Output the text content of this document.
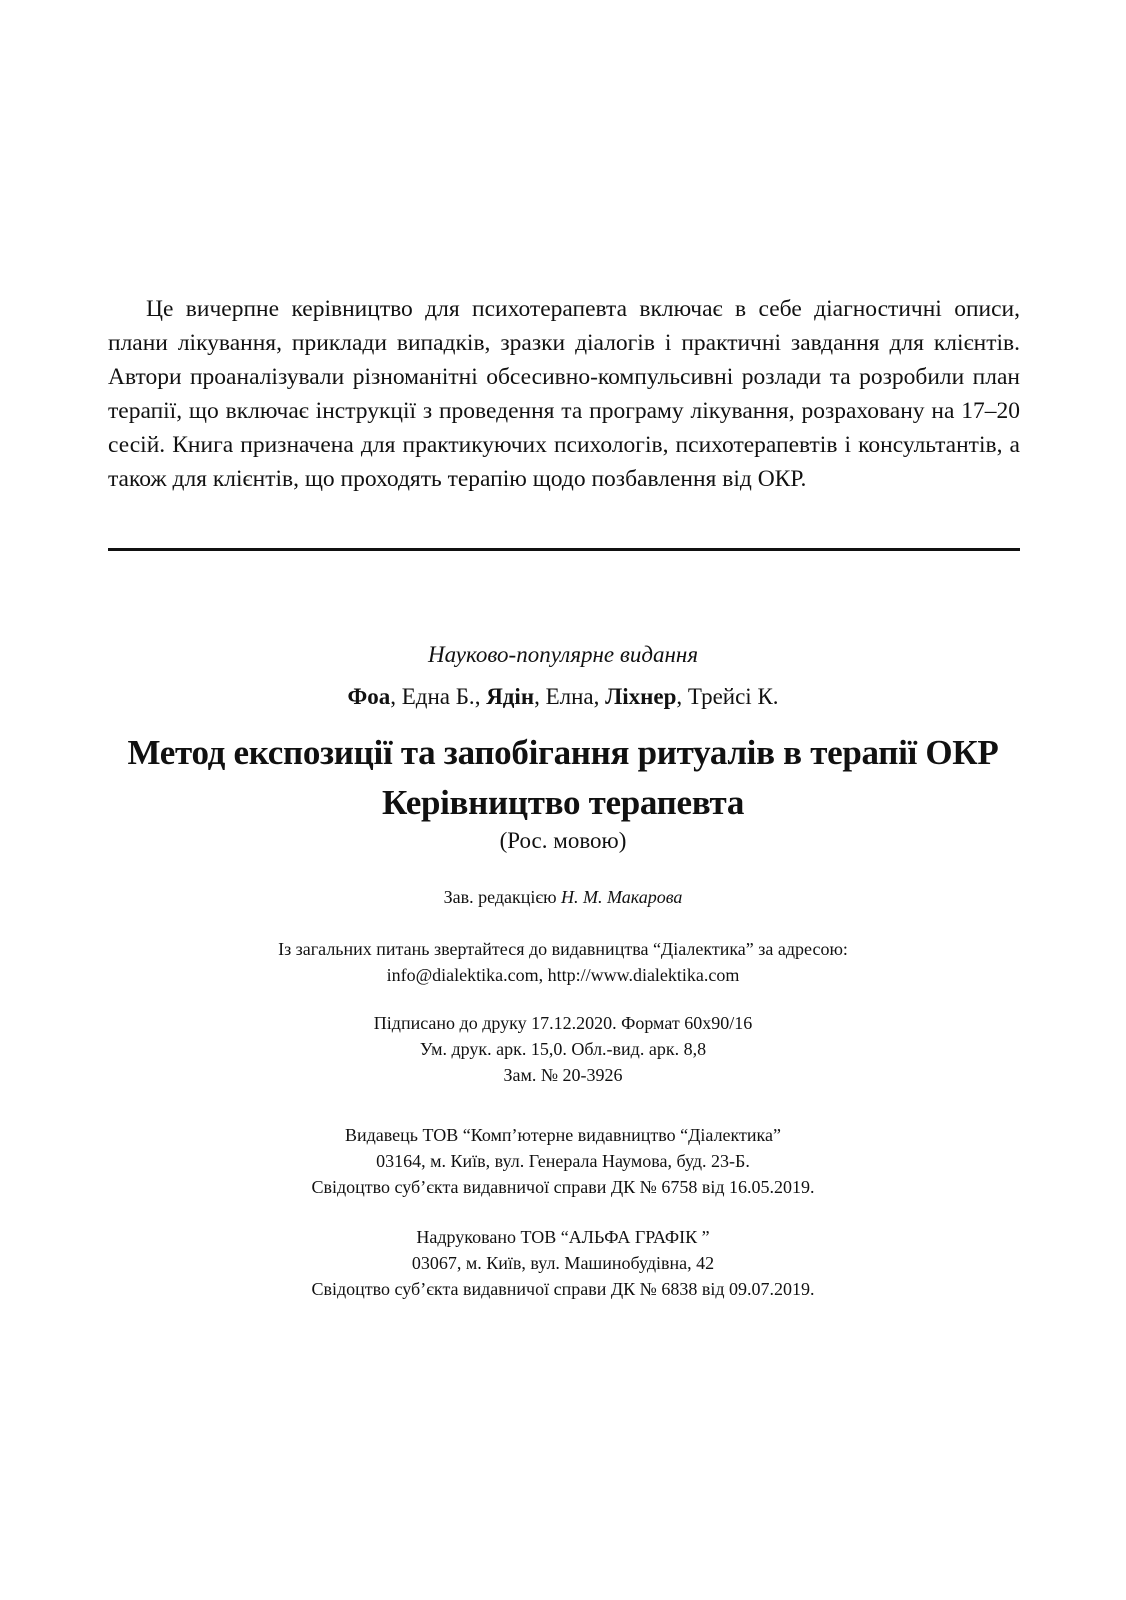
Це вичерпне керівництво для психотерапевта включає в себе діагностичні описи, плани лікування, приклади випадків, зразки діалогів і практичні завдання для клієнтів. Автори проаналізували різноманітні обсесивно-компульсивні розлади та розробили план терапії, що включає інструкції з проведення та програму лікування, розраховану на 17–20 сесій. Книга призначена для практикуючих психологів, психотерапевтів і консультантів, а також для клієнтів, що проходять терапію щодо позбавлення від ОКР.

Науково-популярне видання
Фоа, Една Б., Ядін, Елна, Ліхнер, Трейсі К.
Метод експозиції та запобігання ритуалів в терапії ОКР
Керівництво терапевта
(Рос. мовою)
Зав. редакцією Н. М. Макарова
Із загальних питань звертайтеся до видавництва “Діалектика” за адресою:
info@dialektika.com, http://www.dialektika.com
Підписано до друку 17.12.2020. Формат 60x90/16
Ум. друк. арк. 15,0. Обл.-вид. арк. 8,8
Зам. № 20-3926
Видавець ТОВ “Комп’ютерне видавництво “Діалектика”
03164, м. Київ, вул. Генерала Наумова, буд. 23-Б.
Свідоцтво суб’єкта видавничої справи ДК № 6758 від 16.05.2019.
Надруковано ТОВ “АЛЬФА ГРАФІК ”
03067, м. Київ, вул. Машинобудівна, 42
Свідоцтво суб’єкта видавничої справи ДК № 6838 від 09.07.2019.
